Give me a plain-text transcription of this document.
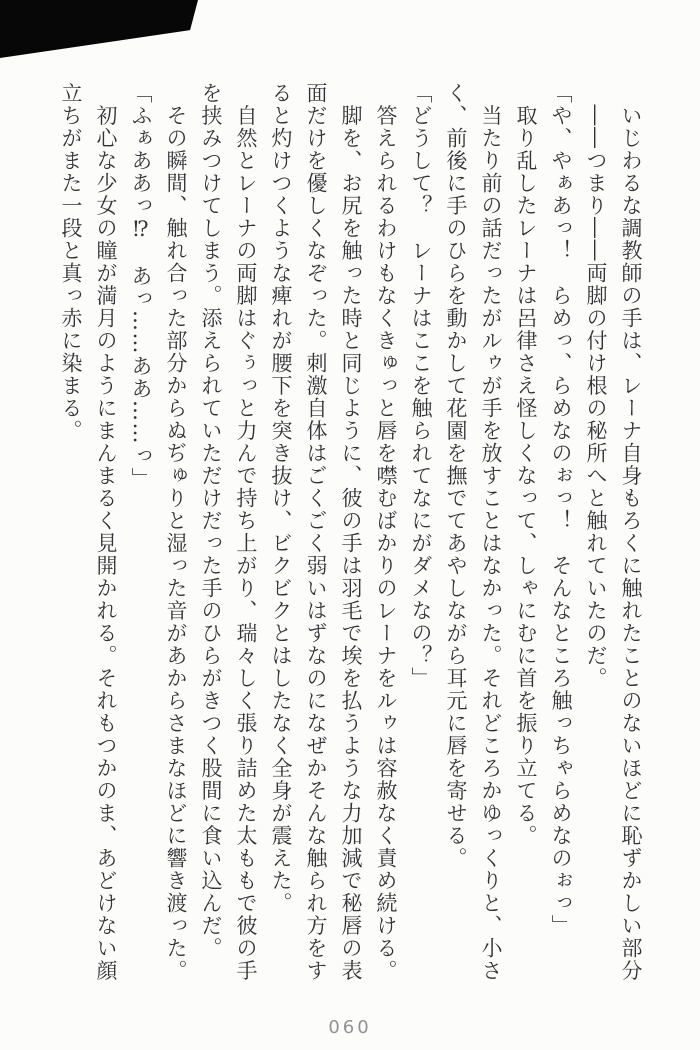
　いじわるな調教師の手は、レーナ自身もろくに触れたことのないほどに恥ずかしい部分

　――つまり――両脚の付け根の秘所へと触れていたのだ。

「や、やぁあっ！　らめっ、らめなのぉっ！　そんなところ触っちゃらめなのぉっ」

　取り乱したレーナは呂律さえ怪しくなって、しゃにむに首を振り立てる。

　当たり前の話だったがルゥが手を放すことはなかった。それどころかゆっくりと、小さ

く、前後に手のひらを動かして花園を撫でてあやしながら耳元に唇を寄せる。

「どうして？　レーナはここを触られてなにがダメなの？」

　答えられるわけもなくきゅっと唇を噤むばかりのレーナをルゥは容赦なく責め続ける。

　脚を、お尻を触った時と同じように、彼の手は羽毛で埃を払うような力加減で秘唇の表

面だけを優しくなぞった。刺激自体はごくごく弱いはずなのになぜかそんな触られ方をす

ると灼けつくような痺れが腰下を突き抜け、ビクビクとはしたなく全身が震えた。

　自然とレーナの両脚はぐぅっと力んで持ち上がり、瑞々しく張り詰めた太ももで彼の手

を挟みつけてしまう。添えられていただけだった手のひらがきつく股間に食い込んだ。

　その瞬間、触れ合った部分からぬぢゅりと湿った音があからさまなほどに響き渡った。

「ふぁああっ⁉　あっ……ああ……っ」

　初心な少女の瞳が満月のようにまんまるく見開かれる。それもつかのま、あどけない顔

立ちがまた一段と真っ赤に染まる。

060
